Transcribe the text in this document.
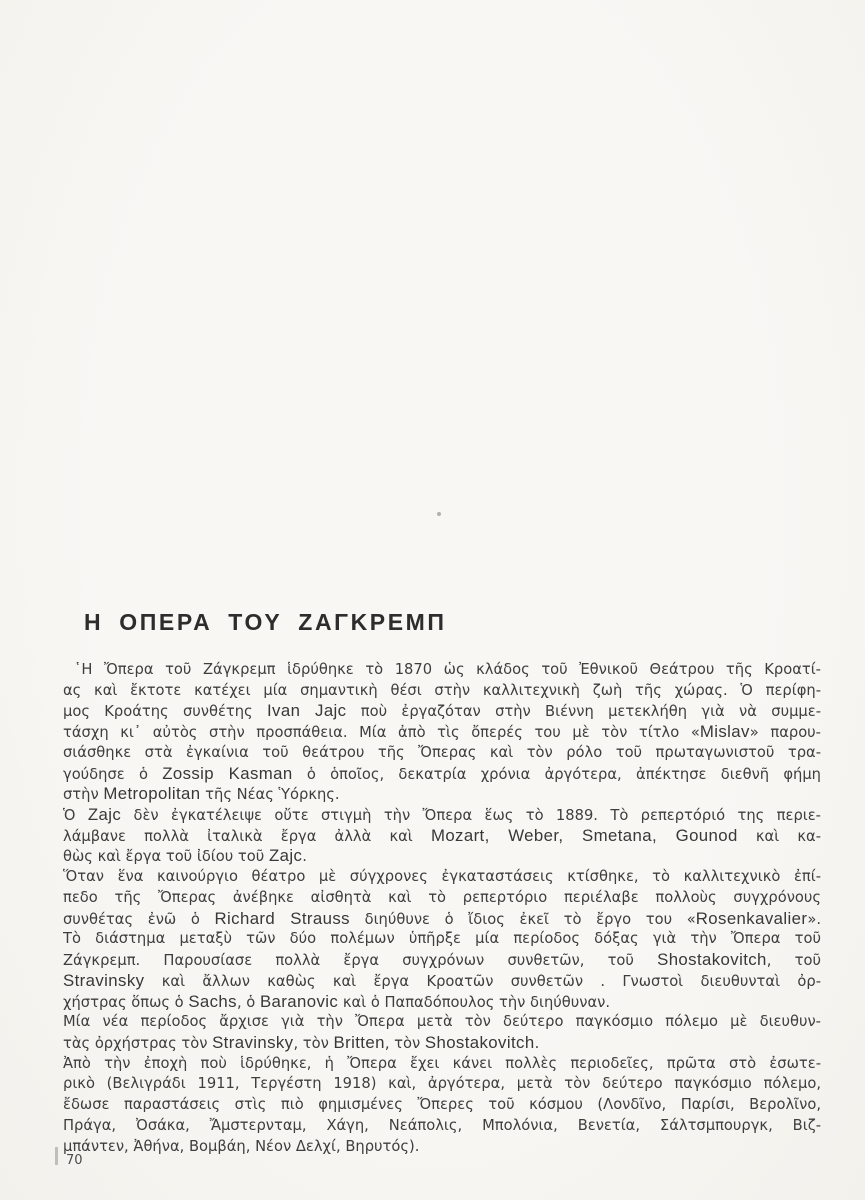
Η ΟΠΕΡΑ ΤΟΥ ΖΑΓΚΡΕΜΠ
῾Η Ὄπερα τοῦ Ζάγκρεμπ ἱδρύθηκε τὸ 1870 ὡς κλάδος τοῦ Ἐθνικοῦ Θεάτρου τῆς Κροατί-
ας καὶ ἔκτοτε κατέχει μία σημαντικὴ θέσι στὴν καλλιτεχνικὴ ζωὴ τῆς χώρας. Ὁ περίφη-
μος Κροάτης συνθέτης Ivan Jajc ποὺ ἐργαζόταν στὴν Βιέννη μετεκλήθη γιὰ νὰ συμμε-
τάσχη κι᾽ αὐτὸς στὴν προσπάθεια. Μία ἀπὸ τὶς ὄπερές του μὲ τὸν τίτλο «Mislav» παρου-
σιάσθηκε στὰ ἐγκαίνια τοῦ θεάτρου τῆς Ὄπερας καὶ τὸν ρόλο τοῦ πρωταγωνιστοῦ τρα-
γούδησε ὁ Zossip Kasman ὁ ὁποῖος, δεκατρία χρόνια ἀργότερα, ἀπέκτησε διεθνῆ φήμη
στὴν Metropolitan τῆς Νέας Ὑόρκης.
Ὁ Zajc δὲν ἐγκατέλειψε οὔτε στιγμὴ τὴν Ὄπερα ἕως τὸ 1889. Τὸ ρεπερτόριό της περιε-
λάμβανε πολλὰ ἰταλικὰ ἔργα ἀλλὰ καὶ Mozart, Weber, Smetana, Gounod καὶ κα-
θὼς καὶ ἔργα τοῦ ἰδίου τοῦ Zajc.
Ὅταν ἕνα καινούργιο θέατρο μὲ σύγχρονες ἐγκαταστάσεις κτίσθηκε, τὸ καλλιτεχνικὸ ἐπί-
πεδο τῆς Ὄπερας ἀνέβηκε αἰσθητὰ καὶ τὸ ρεπερτόριο περιέλαβε πολλοὺς συγχρόνους
συνθέτας ἐνῶ ὁ Richard Strauss διηύθυνε ὁ ἴδιος ἐκεῖ τὸ ἔργο του «Rosenkavalier».
Τὸ διάστημα μεταξὺ τῶν δύο πολέμων ὑπῆρξε μία περίοδος δόξας γιὰ τὴν Ὄπερα τοῦ
Ζάγκρεμπ. Παρουσίασε πολλὰ ἔργα συγχρόνων συνθετῶν, τοῦ Shostakovitch, τοῦ
Stravinsky καὶ ἄλλων καθὼς καὶ ἔργα Κροατῶν συνθετῶν . Γνωστοὶ διευθυνταὶ ὀρ-
χήστρας ὅπως ὁ Sachs, ὁ Baranovic καὶ ὁ Παπαδόπουλος τὴν διηύθυναν.
Μία νέα περίοδος ἄρχισε γιὰ τὴν Ὄπερα μετὰ τὸν δεύτερο παγκόσμιο πόλεμο μὲ διευθυν-
τὰς ὀρχήστρας τὸν Stravinsky, τὸν Britten, τὸν Shostakovitch.
Ἀπὸ τὴν ἐποχὴ ποὺ ἱδρύθηκε, ἡ Ὄπερα ἔχει κάνει πολλὲς περιοδεῖες, πρῶτα στὸ ἐσωτε-
ρικὸ (Βελιγράδι 1911, Τεργέστη 1918) καὶ, ἀργότερα, μετὰ τὸν δεύτερο παγκόσμιο πόλεμο,
ἔδωσε παραστάσεις στὶς πιὸ φημισμένες Ὄπερες τοῦ κόσμου (Λονδῖνο, Παρίσι, Βερολῖνο,
Πράγα, Ὀσάκα, Ἄμστερνταμ, Χάγη, Νεάπολις, Μπολόνια, Βενετία, Σάλτσμπουργκ, Βιζ-
μπάντεν, Ἀθήνα, Βομβάη, Νέον Δελχί, Βηρυτός).
70
